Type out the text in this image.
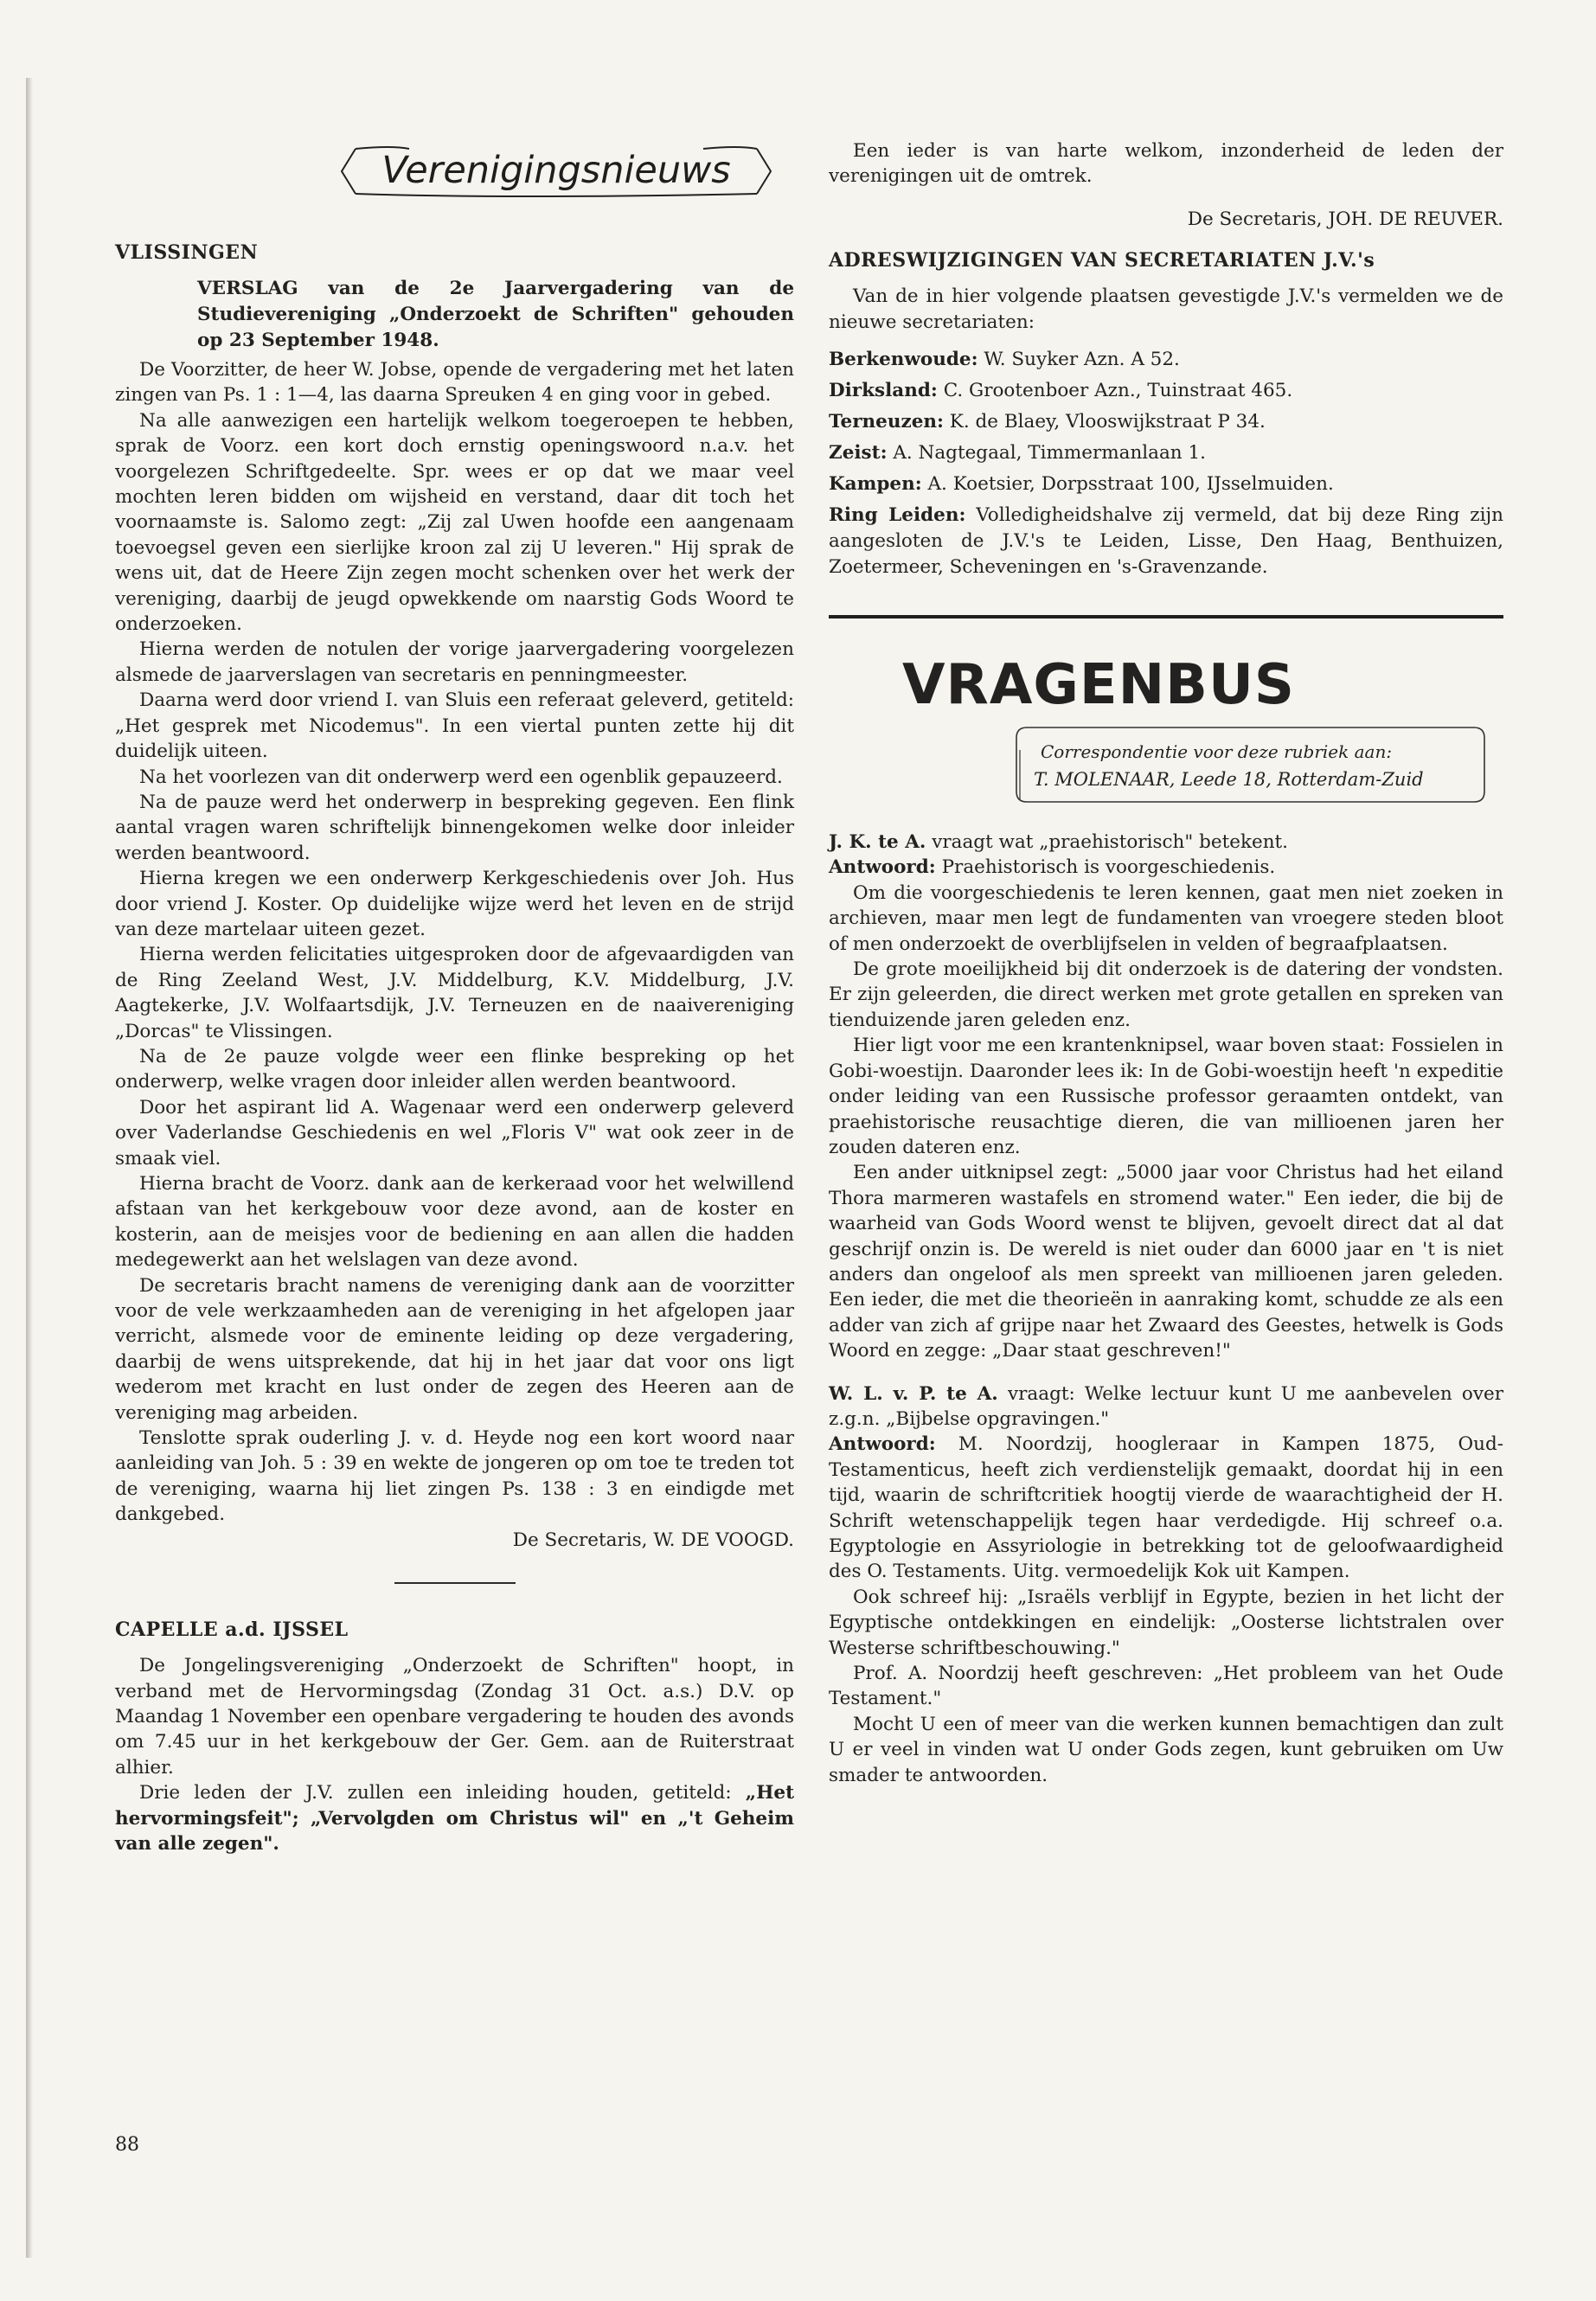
Verenigingsnieuws
VLISSINGEN

VERSLAG van de 2e Jaarvergadering van de Studievereniging „Onderzoekt de Schriften" gehouden op 23 September 1948.

De Voorzitter, de heer W. Jobse, opende de vergadering met het laten zingen van Ps. 1 : 1—4, las daarna Spreuken 4 en ging voor in gebed.

Na alle aanwezigen een hartelijk welkom toegeroepen te hebben, sprak de Voorz. een kort doch ernstig openingswoord n.a.v. het voorgelezen Schriftgedeelte. Spr. wees er op dat we maar veel mochten leren bidden om wijsheid en verstand, daar dit toch het voornaamste is. Salomo zegt: „Zij zal Uwen hoofde een aangenaam toevoegsel geven een sierlijke kroon zal zij U leveren." Hij sprak de wens uit, dat de Heere Zijn zegen mocht schenken over het werk der vereniging, daarbij de jeugd opwekkende om naarstig Gods Woord te onderzoeken.

Hierna werden de notulen der vorige jaarvergadering voorgelezen alsmede de jaarverslagen van secretaris en penningmeester.

Daarna werd door vriend I. van Sluis een referaat geleverd, getiteld: „Het gesprek met Nicodemus". In een viertal punten zette hij dit duidelijk uiteen.

Na het voorlezen van dit onderwerp werd een ogenblik gepauzeerd.

Na de pauze werd het onderwerp in bespreking gegeven. Een flink aantal vragen waren schriftelijk binnengekomen welke door inleider werden beantwoord.

Hierna kregen we een onderwerp Kerkgeschiedenis over Joh. Hus door vriend J. Koster. Op duidelijke wijze werd het leven en de strijd van deze martelaar uiteen gezet.

Hierna werden felicitaties uitgesproken door de afgevaardigden van de Ring Zeeland West, J.V. Middelburg, K.V. Middelburg, J.V. Aagtekerke, J.V. Wolfaartsdijk, J.V. Terneuzen en de naaivereniging „Dorcas" te Vlissingen.

Na de 2e pauze volgde weer een flinke bespreking op het onderwerp, welke vragen door inleider allen werden beantwoord.

Door het aspirant lid A. Wagenaar werd een onderwerp geleverd over Vaderlandse Geschiedenis en wel „Floris V" wat ook zeer in de smaak viel.

Hierna bracht de Voorz. dank aan de kerkeraad voor het welwillend afstaan van het kerkgebouw voor deze avond, aan de koster en kosterin, aan de meisjes voor de bediening en aan allen die hadden medegewerkt aan het welslagen van deze avond.

De secretaris bracht namens de vereniging dank aan de voorzitter voor de vele werkzaamheden aan de vereniging in het afgelopen jaar verricht, alsmede voor de eminente leiding op deze vergadering, daarbij de wens uitsprekende, dat hij in het jaar dat voor ons ligt wederom met kracht en lust onder de zegen des Heeren aan de vereniging mag arbeiden.

Tenslotte sprak ouderling J. v. d. Heyde nog een kort woord naar aanleiding van Joh. 5 : 39 en wekte de jongeren op om toe te treden tot de vereniging, waarna hij liet zingen Ps. 138 : 3 en eindigde met dankgebed.

De Secretaris, W. DE VOOGD.

CAPELLE a.d. IJSSEL

De Jongelingsvereniging „Onderzoekt de Schriften" hoopt, in verband met de Hervormingsdag (Zondag 31 Oct. a.s.) D.V. op Maandag 1 November een openbare vergadering te houden des avonds om 7.45 uur in het kerkgebouw der Ger. Gem. aan de Ruiterstraat alhier.

Drie leden der J.V. zullen een inleiding houden, getiteld: „Het hervormingsfeit"; „Vervolgden om Christus wil" en „'t Geheim van alle zegen".

Een ieder is van harte welkom, inzonderheid de leden der verenigingen uit de omtrek.

De Secretaris, JOH. DE REUVER.

ADRESWIJZIGINGEN VAN SECRETARIATEN J.V.'s

Van de in hier volgende plaatsen gevestigde J.V.'s vermelden we de nieuwe secretariaten:

Berkenwoude: W. Suyker Azn. A 52.

Dirksland: C. Grootenboer Azn., Tuinstraat 465.

Terneuzen: K. de Blaey, Vlooswijkstraat P 34.

Zeist: A. Nagtegaal, Timmermanlaan 1.

Kampen: A. Koetsier, Dorpsstraat 100, IJsselmuiden.

Ring Leiden: Volledigheidshalve zij vermeld, dat bij deze Ring zijn aangesloten de J.V.'s te Leiden, Lisse, Den Haag, Benthuizen, Zoetermeer, Scheveningen en 's-Gravenzande.

VRAGENBUS
Correspondentie voor deze rubriek aan:
T. MOLENAAR, Leede 18, Rotterdam-Zuid

J. K. te A. vraagt wat „praehistorisch" betekent.

Antwoord: Praehistorisch is voorgeschiedenis.

Om die voorgeschiedenis te leren kennen, gaat men niet zoeken in archieven, maar men legt de fundamenten van vroegere steden bloot of men onderzoekt de overblijfselen in velden of begraafplaatsen.

De grote moeilijkheid bij dit onderzoek is de datering der vondsten. Er zijn geleerden, die direct werken met grote getallen en spreken van tienduizende jaren geleden enz.

Hier ligt voor me een krantenknipsel, waar boven staat: Fossielen in Gobi-woestijn. Daaronder lees ik: In de Gobi-woestijn heeft 'n expeditie onder leiding van een Russische professor geraamten ontdekt, van praehistorische reusachtige dieren, die van millioenen jaren her zouden dateren enz.

Een ander uitknipsel zegt: „5000 jaar voor Christus had het eiland Thora marmeren wastafels en stromend water." Een ieder, die bij de waarheid van Gods Woord wenst te blijven, gevoelt direct dat al dat geschrijf onzin is. De wereld is niet ouder dan 6000 jaar en 't is niet anders dan ongeloof als men spreekt van millioenen jaren geleden. Een ieder, die met die theorieën in aanraking komt, schudde ze als een adder van zich af grijpe naar het Zwaard des Geestes, hetwelk is Gods Woord en zegge: „Daar staat geschreven!"

W. L. v. P. te A. vraagt: Welke lectuur kunt U me aanbevelen over z.g.n. „Bijbelse opgravingen."

Antwoord: M. Noordzij, hoogleraar in Kampen 1875, Oud-Testamenticus, heeft zich verdienstelijk gemaakt, doordat hij in een tijd, waarin de schriftcritiek hoogtij vierde de waarachtigheid der H. Schrift wetenschappelijk tegen haar verdedigde. Hij schreef o.a. Egyptologie en Assyriologie in betrekking tot de geloofwaardigheid des O. Testaments. Uitg. vermoedelijk Kok uit Kampen.

Ook schreef hij: „Israëls verblijf in Egypte, bezien in het licht der Egyptische ontdekkingen en eindelijk: „Oosterse lichtstralen over Westerse schriftbeschouwing."

Prof. A. Noordzij heeft geschreven: „Het probleem van het Oude Testament."

Mocht U een of meer van die werken kunnen bemachtigen dan zult U er veel in vinden wat U onder Gods zegen, kunt gebruiken om Uw smader te antwoorden.

88
